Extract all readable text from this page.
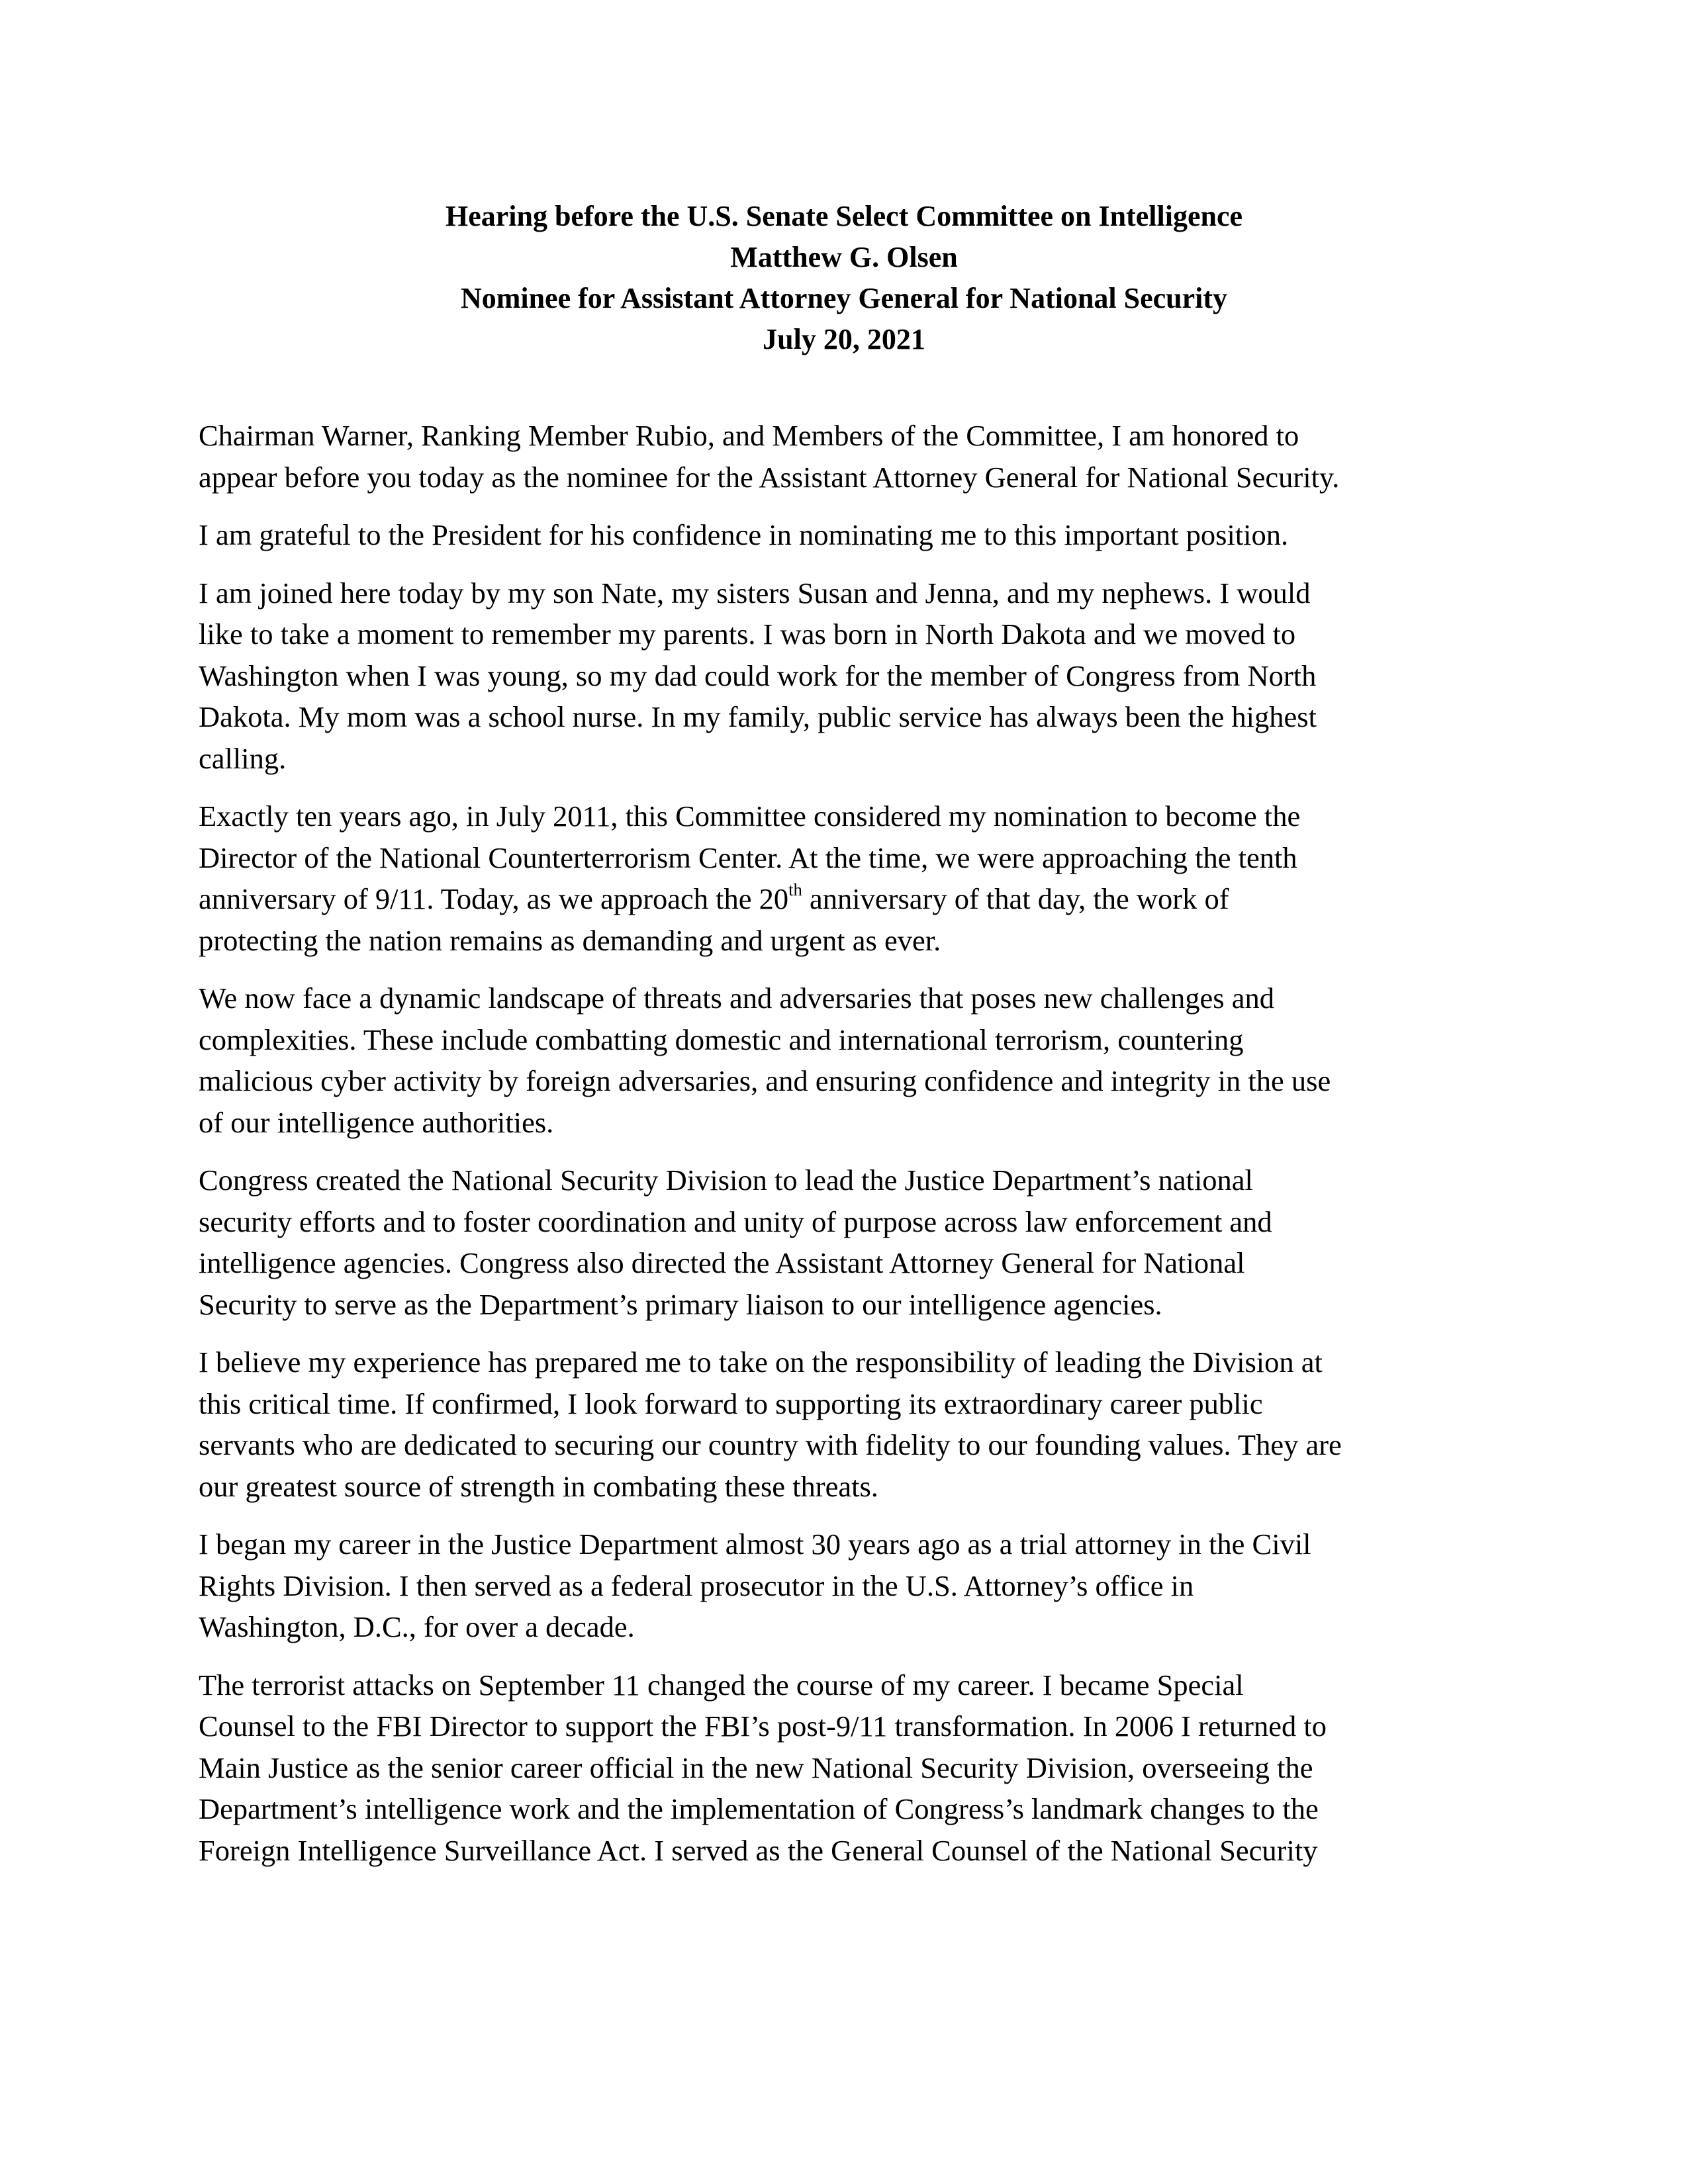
Hearing before the U.S. Senate Select Committee on Intelligence
Matthew G. Olsen
Nominee for Assistant Attorney General for National Security
July 20, 2021
Chairman Warner, Ranking Member Rubio, and Members of the Committee, I am honored to
appear before you today as the nominee for the Assistant Attorney General for National Security.
I am grateful to the President for his confidence in nominating me to this important position.
I am joined here today by my son Nate, my sisters Susan and Jenna, and my nephews. I would
like to take a moment to remember my parents. I was born in North Dakota and we moved to
Washington when I was young, so my dad could work for the member of Congress from North
Dakota. My mom was a school nurse. In my family, public service has always been the highest
calling.
Exactly ten years ago, in July 2011, this Committee considered my nomination to become the
Director of the National Counterterrorism Center. At the time, we were approaching the tenth
anniversary of 9/11. Today, as we approach the 20th anniversary of that day, the work of
protecting the nation remains as demanding and urgent as ever.
We now face a dynamic landscape of threats and adversaries that poses new challenges and
complexities. These include combatting domestic and international terrorism, countering
malicious cyber activity by foreign adversaries, and ensuring confidence and integrity in the use
of our intelligence authorities.
Congress created the National Security Division to lead the Justice Department’s national
security efforts and to foster coordination and unity of purpose across law enforcement and
intelligence agencies. Congress also directed the Assistant Attorney General for National
Security to serve as the Department’s primary liaison to our intelligence agencies.
I believe my experience has prepared me to take on the responsibility of leading the Division at
this critical time. If confirmed, I look forward to supporting its extraordinary career public
servants who are dedicated to securing our country with fidelity to our founding values. They are
our greatest source of strength in combating these threats.
I began my career in the Justice Department almost 30 years ago as a trial attorney in the Civil
Rights Division. I then served as a federal prosecutor in the U.S. Attorney’s office in
Washington, D.C., for over a decade.
The terrorist attacks on September 11 changed the course of my career. I became Special
Counsel to the FBI Director to support the FBI’s post-9/11 transformation. In 2006 I returned to
Main Justice as the senior career official in the new National Security Division, overseeing the
Department’s intelligence work and the implementation of Congress’s landmark changes to the
Foreign Intelligence Surveillance Act. I served as the General Counsel of the National Security
